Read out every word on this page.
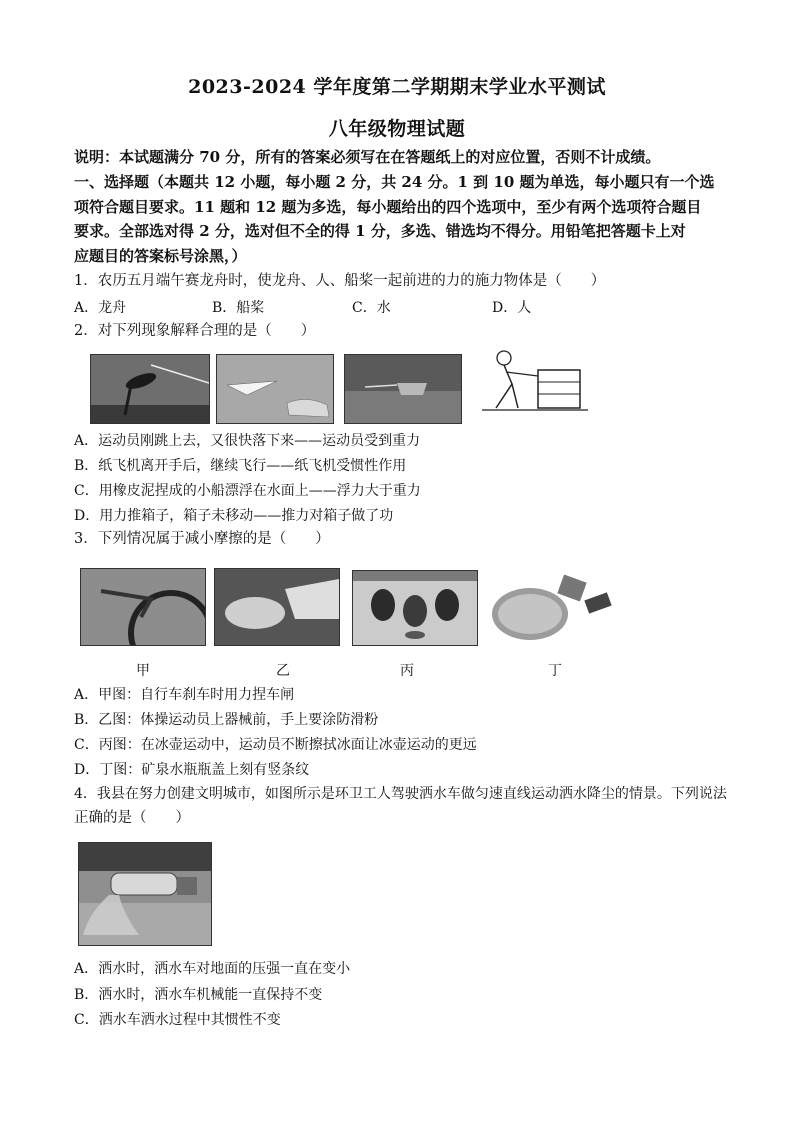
2023-2024 学年度第二学期期末学业水平测试
八年级物理试题
说明：本试题满分 70 分，所有的答案必须写在在答题纸上的对应位置，否则不计成绩。
一、选择题（本题共 12 小题，每小题 2 分，共 24 分。1 到 10 题为单选，每小题只有一个选
项符合题目要求。11 题和 12 题为多选，每小题给出的四个选项中，至少有两个选项符合题目
要求。全部选对得 2 分，选对但不全的得 1 分，多选、错选均不得分。用铅笔把答题卡上对
应题目的答案标号涂黑，）
1．农历五月端午赛龙舟时，使龙舟、人、船桨一起前进的力的施力物体是（　　）
A．龙舟	B．船桨	C．水	D．人
2．对下列现象解释合理的是（　　）
A．运动员刚跳上去，又很快落下来——运动员受到重力
B．纸飞机离开手后，继续飞行——纸飞机受惯性作用
C．用橡皮泥捏成的小船漂浮在水面上——浮力大于重力
D．用力推箱子，箱子未移动——推力对箱子做了功
3．下列情况属于减小摩擦的是（　　）
甲	乙	丙	丁
A．甲图：自行车刹车时用力捏车闸
B．乙图：体操运动员上器械前，手上要涂防滑粉
C．丙图：在冰壶运动中，运动员不断擦拭冰面让冰壶运动的更远
D．丁图：矿泉水瓶瓶盖上刻有竖条纹
4．我县在努力创建文明城市，如图所示是环卫工人驾驶洒水车做匀速直线运动洒水降尘的情景。下列说法
正确的是（　　）
A．洒水时，洒水车对地面的压强一直在变小
B．洒水时，洒水车机械能一直保持不变
C．洒水车洒水过程中其惯性不变
